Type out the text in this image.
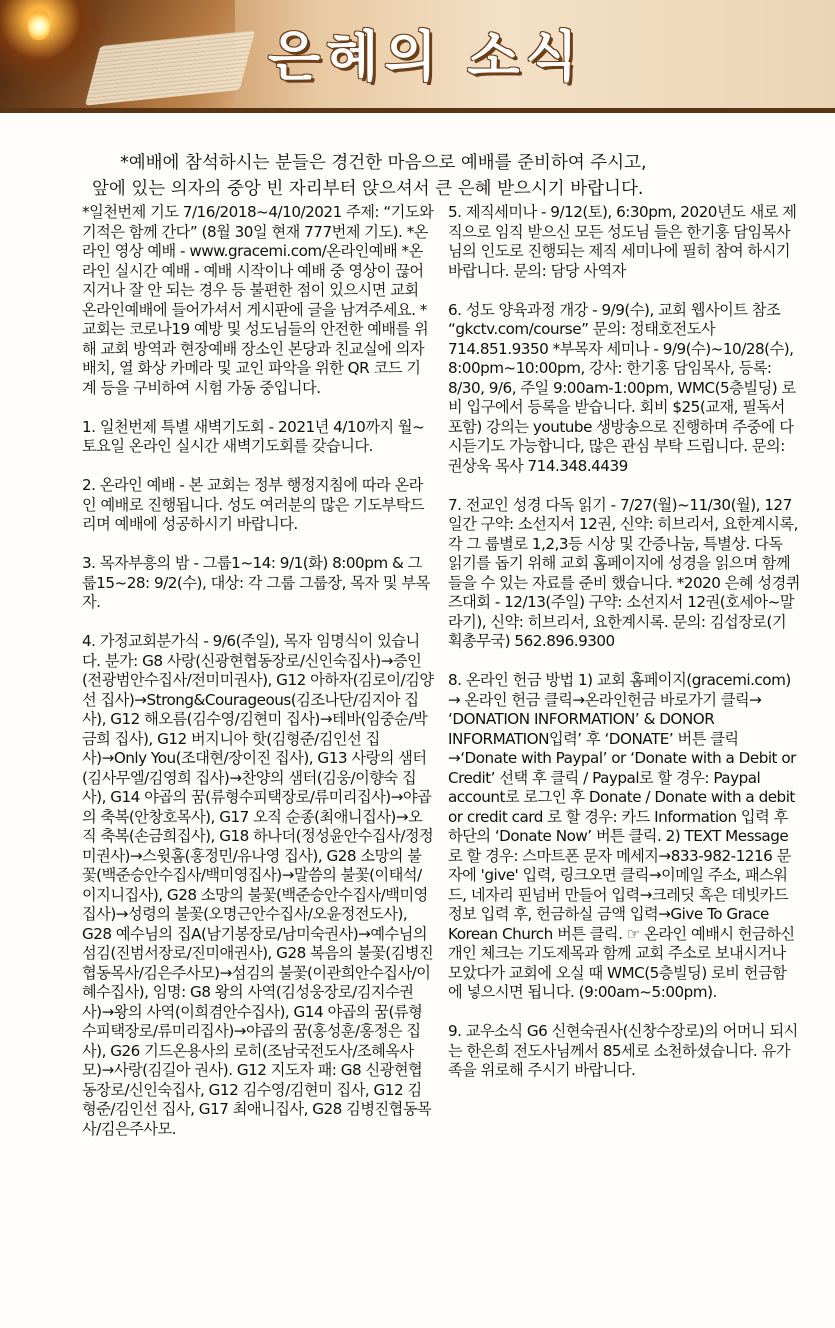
은혜의 소식
*예배에 참석하시는 분들은 경건한 마음으로 예배를 준비하여 주시고,
앞에 있는 의자의 중앙 빈 자리부터 앉으셔서 큰 은혜 받으시기 바랍니다.

*일천번제 기도 7/16/2018~4/10/2021 주제: “기도와 기적은 함께 간다” (8월 30일 현재 777번제 기도). *온라인 영상 예배 - www.gracemi.com/온라인예배 *온라인 실시간 예배 - 예배 시작이나 예배 중 영상이 끊어지거나 잘 안 되는 경우 등 불편한 점이 있으시면 교회 온라인예배에 들어가셔서 게시판에 글을 남겨주세요. *교회는 코로나19 예방 및 성도님들의 안전한 예배를 위해 교회 방역과 현장예배 장소인 본당과 친교실에 의자 배치, 열 화상 카메라 및 교인 파악을 위한 QR 코드 기계 등을 구비하여 시험 가동 중입니다.

1. 일천번제 특별 새벽기도회 - 2021년 4/10까지 월~토요일 온라인 실시간 새벽기도회를 갖습니다.

2. 온라인 예배 - 본 교회는 정부 행정지침에 따라 온라인 예배로 진행됩니다. 성도 여러분의 많은 기도부탁드리며 예배에 성공하시기 바랍니다.

3. 목자부흥의 밤 - 그룹1~14: 9/1(화) 8:00pm & 그룹15~28: 9/2(수), 대상: 각 그룹 그룹장, 목자 및 부목자.

4. 가정교회분가식 - 9/6(주일), 목자 임명식이 있습니다. 분가: G8 사랑(신광현협동장로/신인숙집사)→증인(전광범안수집사/전미미권사), G12 아하자(김로이/김양선 집사)→Strong&Courageous(김조나단/김지아 집사), G12 해오름(김수영/김현미 집사)→테바(임중순/박금희 집사), G12 버지니아 핫(김형준/김인선 집사)→Only You(조대현/장이진 집사), G13 사랑의 샘터(김사무엘/김영희 집사)→찬양의 샘터(김웅/이향숙 집사), G14 야곱의 꿈(류형수피택장로/류미리집사)→야곱의 축복(안창호목사), G17 오직 순종(최애니집사)→오직 축복(손금희집사), G18 하나더(정성윤안수집사/정정미권사)→스윗홈(홍정민/유나영 집사), G28 소망의 불꽃(백준승안수집사/백미영집사)→말씀의 불꽃(이태석/이지니집사), G28 소망의 불꽃(백준승안수집사/백미영집사)→성령의 불꽃(오명근안수집사/오윤정전도사), G28 예수님의 집A(남기봉장로/남미숙권사)→예수님의 섬김(진범서장로/진미애권사), G28 복음의 불꽃(김병진협동목사/김은주사모)→섬김의 불꽃(이관희안수집사/이혜수집사), 임명: G8 왕의 사역(김성웅장로/김지수권사)→왕의 사역(이희겸안수집사), G14 야곱의 꿈(류형수피택장로/류미리집사)→야곱의 꿈(홍성훈/홍정은 집사), G26 기드온용사의 로히(조남국전도사/조혜옥사모)→사랑(김길아 권사). G12 지도자 패: G8 신광현협동장로/신인숙집사, G12 김수영/김현미 집사, G12 김형준/김인선 집사, G17 최애니집사, G28 김병진협동목사/김은주사모.

5. 제직세미나 - 9/12(토), 6:30pm, 2020년도 새로 제직으로 임직 받으신 모든 성도님 들은 한기홍 담임목사님의 인도로 진행되는 제직 세미나에 필히 참여 하시기 바랍니다. 문의: 담당 사역자

6. 성도 양육과정 개강 - 9/9(수), 교회 웹사이트 참조 “gkctv.com/course” 문의: 정태호전도사 714.851.9350 *부목자 세미나 - 9/9(수)~10/28(수), 8:00pm~10:00pm, 강사: 한기홍 담임목사, 등록: 8/30, 9/6, 주일 9:00am-1:00pm, WMC(5층빌딩) 로비 입구에서 등록을 받습니다. 회비 $25(교재, 필독서 포함) 강의는 youtube 생방송으로 진행하며 주중에 다시듣기도 가능합니다, 많은 관심 부탁 드립니다. 문의: 권상욱 목사 714.348.4439

7. 전교인 성경 다독 읽기 - 7/27(월)~11/30(월), 127일간 구약: 소선지서 12권, 신약: 히브리서, 요한계시록, 각 그 룹별로 1,2,3등 시상 및 간증나눔, 특별상. 다독 읽기를 돕기 위해 교회 홈페이지에 성경을 읽으며 함께들을 수 있는 자료를 준비 했습니다. *2020 은혜 성경퀴즈대회 - 12/13(주일) 구약: 소선지서 12권(호세아~말라기), 신약: 히브리서, 요한계시록. 문의: 김섭장로(기획총무국) 562.896.9300

8. 온라인 헌금 방법 1) 교회 홈페이지(gracemi.com) → 온라인 헌금 클릭→온라인헌금 바로가기 클릭→ ‘DONATION INFORMATION’ & DONOR INFORMATION입력’ 후 ‘DONATE’ 버튼 클릭→‘Donate with Paypal’ or ‘Donate with a Debit or Credit’ 선택 후 클릭 / Paypal로 할 경우: Paypal account로 로그인 후 Donate / Donate with a debit or credit card 로 할 경우: 카드 Information 입력 후 하단의 ‘Donate Now’ 버튼 클릭. 2) TEXT Message로 할 경우: 스마트폰 문자 메세지→833-982-1216 문자에 'give' 입력, 링크오면 클릭→이메일 주소, 패스워드, 네자리 핀넘버 만들어 입력→크레딧 혹은 데빗카드정보 입력 후, 헌금하실 금액 입력→Give To Grace Korean Church 버튼 클릭. ☞ 온라인 예배시 헌금하신 개인 체크는 기도제목과 함께 교회 주소로 보내시거나 모았다가 교회에 오실 때 WMC(5층빌딩) 로비 헌금함에 넣으시면 됩니다. (9:00am~5:00pm).

9. 교우소식 G6 신현숙권사(신창수장로)의 어머니 되시는 한은희 전도사님께서 85세로 소천하셨습니다. 유가족을 위로해 주시기 바랍니다.
